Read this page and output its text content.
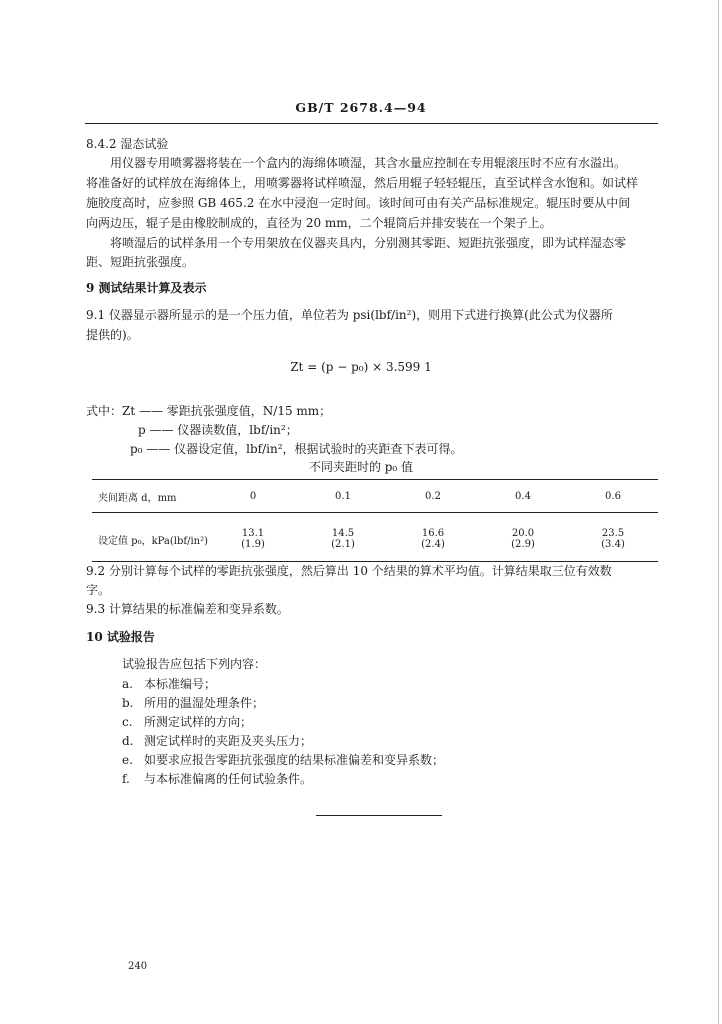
GB/T 2678.4—94
8.4.2 湿态试验
用仪器专用喷雾器将装在一个盒内的海绵体喷湿，其含水量应控制在专用辊滚压时不应有水溢出。
将准备好的试样放在海绵体上，用喷雾器将试样喷湿，然后用辊子轻轻辊压，直至试样含水饱和。如试样
施胶度高时，应参照 GB 465.2 在水中浸泡一定时间。该时间可由有关产品标准规定。辊压时要从中间
向两边压，辊子是由橡胶制成的，直径为 20 mm，二个辊筒后并排安装在一个架子上。
将喷湿后的试样条用一个专用架放在仪器夹具内，分别测其零距、短距抗张强度，即为试样湿态零
距、短距抗张强度。
9 测试结果计算及表示
9.1 仪器显示器所显示的是一个压力值，单位若为 psi(lbf/in²)，则用下式进行换算(此公式为仪器所
提供的)。
Zt = (p − p₀) × 3.599 1
式中：Zt —— 零距抗张强度值，N/15 mm；
p —— 仪器读数值，lbf/in²；
p₀ —— 仪器设定值，lbf/in²，根据试验时的夹距查下表可得。
不同夹距时的 p₀ 值
夹间距离 d，mm	0	0.1	0.2	0.4	0.6
设定值 p₀，kPa(lbf/in²)	13.1	14.5	16.6	20.0	23.5
	(1.9)	(2.1)	(2.4)	(2.9)	(3.4)
9.2 分别计算每个试样的零距抗张强度，然后算出 10 个结果的算术平均值。计算结果取三位有效数
字。
9.3 计算结果的标准偏差和变异系数。
10 试验报告
试验报告应包括下列内容：
a. 本标准编号；
b. 所用的温湿处理条件；
c. 所测定试样的方向；
d. 测定试样时的夹距及夹头压力；
e. 如要求应报告零距抗张强度的结果标准偏差和变异系数；
f. 与本标准偏离的任何试验条件。
240
